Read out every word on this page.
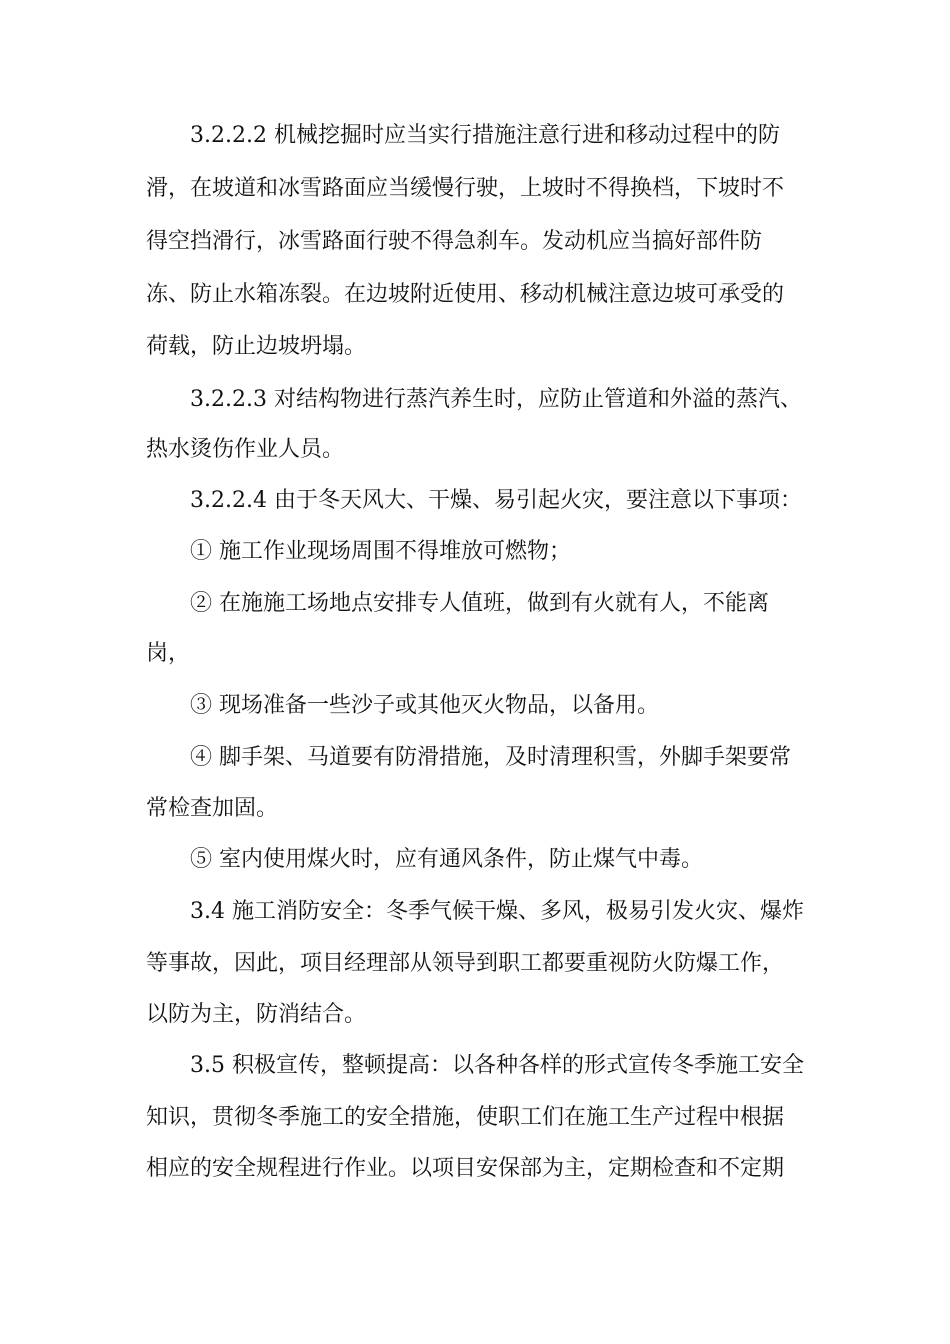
3.2.2.2 机械挖掘时应当实行措施注意行进和移动过程中的防
滑，在坡道和冰雪路面应当缓慢行驶，上坡时不得换档，下坡时不
得空挡滑行，冰雪路面行驶不得急刹车。发动机应当搞好部件防
冻、防止水箱冻裂。在边坡附近使用、移动机械注意边坡可承受的
荷载，防止边坡坍塌。
3.2.2.3 对结构物进行蒸汽养生时，应防止管道和外溢的蒸汽、
热水烫伤作业人员。
3.2.2.4 由于冬天风大、干燥、易引起火灾，要注意以下事项：
① 施工作业现场周围不得堆放可燃物；
② 在施施工场地点安排专人值班，做到有火就有人，不能离
岗，
③ 现场准备一些沙子或其他灭火物品，以备用。
④ 脚手架、马道要有防滑措施，及时清理积雪，外脚手架要常
常检查加固。
⑤ 室内使用煤火时，应有通风条件，防止煤气中毒。
3.4 施工消防安全：冬季气候干燥、多风，极易引发火灾、爆炸
等事故，因此，项目经理部从领导到职工都要重视防火防爆工作，
以防为主，防消结合。
3.5 积极宣传，整顿提高：以各种各样的形式宣传冬季施工安全
知识，贯彻冬季施工的安全措施，使职工们在施工生产过程中根据
相应的安全规程进行作业。以项目安保部为主，定期检查和不定期
